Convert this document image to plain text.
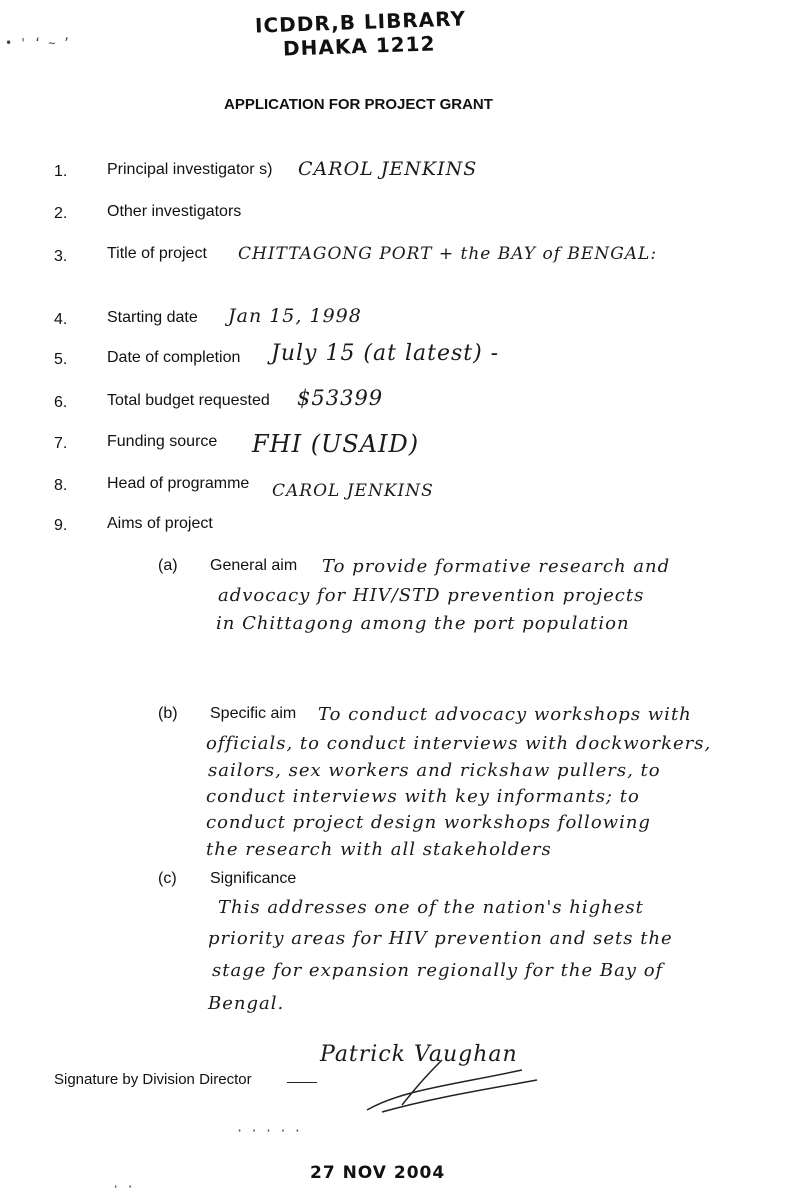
ICDDR,B LIBRARY
DHAKA 1212
• ' ʻ ∼ ʼ
APPLICATION FOR PROJECT GRANT
1. Principal investigator s) CAROL JENKINS
2. Other investigators
3. Title of project CHITTAGONG PORT + the BAY of BENGAL:
4. Starting date Jan 15, 1998
5. Date of completion July 15 (at latest) -
6. Total budget requested $53399
7. Funding source FHI (USAID)
8. Head of programme CAROL JENKINS
9. Aims of project
(a) General aim To provide formative research and
advocacy for HIV/STD prevention projects
in Chittagong among the port population
(b) Specific aim To conduct advocacy workshops with
officials, to conduct interviews with dockworkers,
sailors, sex workers and rickshaw pullers, to
conduct interviews with key informants; to
conduct project design workshops following
the research with all stakeholders
(c) Significance
This addresses one of the nation's highest
priority areas for HIV prevention and sets the
stage for expansion regionally for the Bay of
Bengal.
Signature by Division Director
Patrick Vaughan
· · · · ·
27 NOV 2004
· ·
